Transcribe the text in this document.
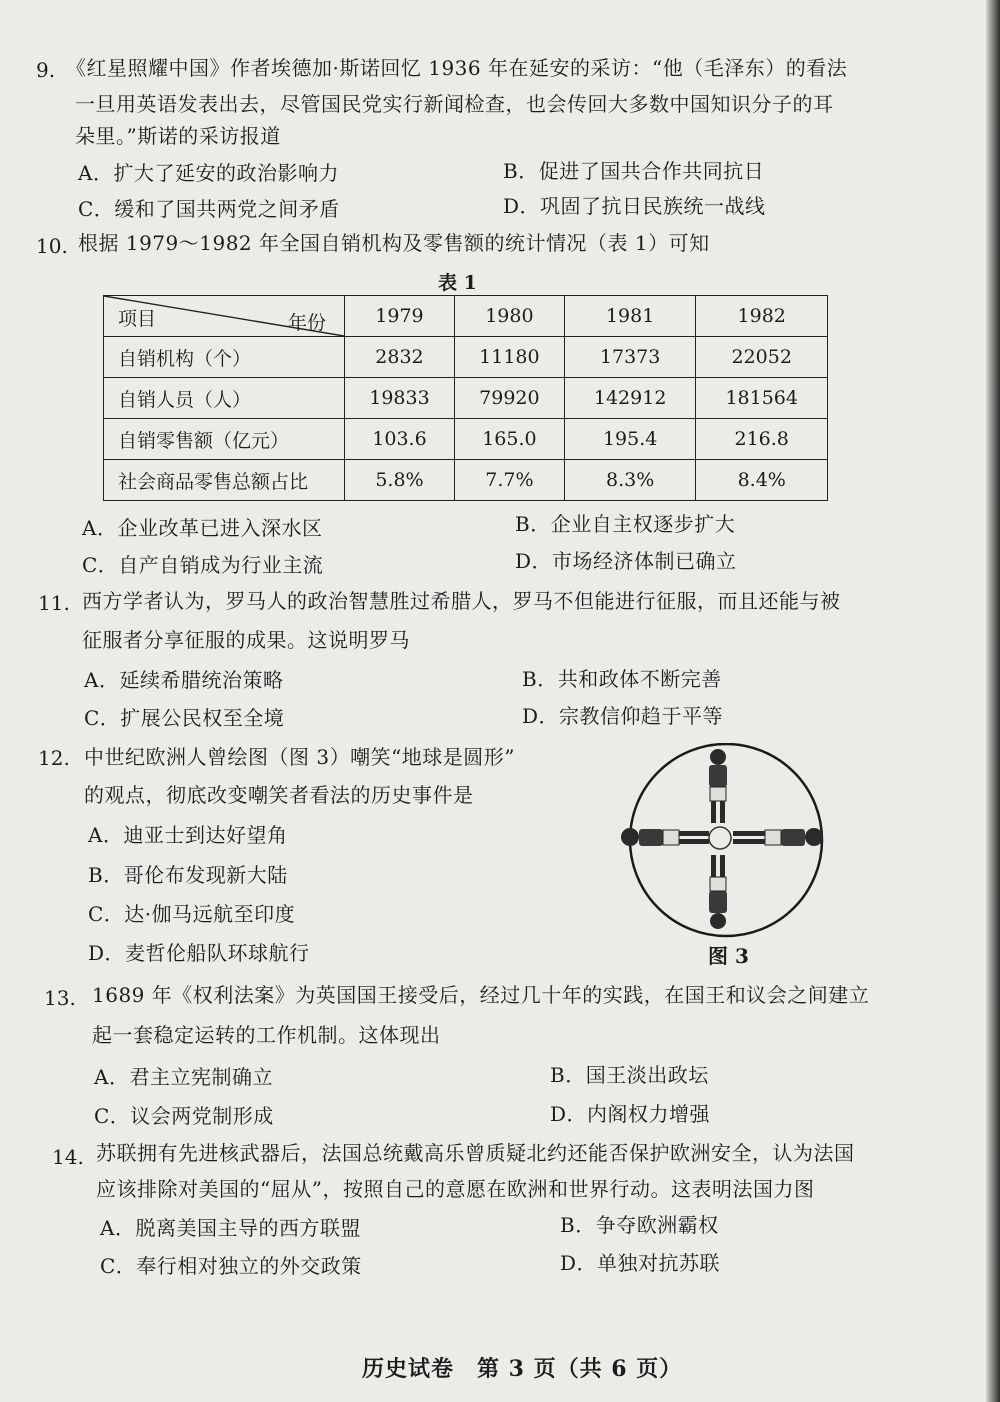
9. 《红星照耀中国》作者埃德加·斯诺回忆 1936 年在延安的采访：“他（毛泽东）的看法
一旦用英语发表出去，尽管国民党实行新闻检查，也会传回大多数中国知识分子的耳
朵里。”斯诺的采访报道
A．扩大了延安的政治影响力	B．促进了国共合作共同抗日
C．缓和了国共两党之间矛盾	D．巩固了抗日民族统一战线
10. 根据 1979～1982 年全国自销机构及零售额的统计情况（表 1）可知
表 1
项目 年份	1979	1980	1981	1982
自销机构（个）	2832	11180	17373	22052
自销人员（人）	19833	79920	142912	181564
自销零售额（亿元）	103.6	165.0	195.4	216.8
社会商品零售总额占比	5.8%	7.7%	8.3%	8.4%
A．企业改革已进入深水区	B．企业自主权逐步扩大
C．自产自销成为行业主流	D．市场经济体制已确立
11. 西方学者认为，罗马人的政治智慧胜过希腊人，罗马不但能进行征服，而且还能与被
征服者分享征服的成果。这说明罗马
A．延续希腊统治策略	B．共和政体不断完善
C．扩展公民权至全境	D．宗教信仰趋于平等
12. 中世纪欧洲人曾绘图（图 3）嘲笑“地球是圆形”
的观点，彻底改变嘲笑者看法的历史事件是
A．迪亚士到达好望角
B．哥伦布发现新大陆
C．达·伽马远航至印度
D．麦哲伦船队环球航行	图 3
13. 1689 年《权利法案》为英国国王接受后，经过几十年的实践，在国王和议会之间建立
起一套稳定运转的工作机制。这体现出
A．君主立宪制确立	B．国王淡出政坛
C．议会两党制形成	D．内阁权力增强
14. 苏联拥有先进核武器后，法国总统戴高乐曾质疑北约还能否保护欧洲安全，认为法国
应该排除对美国的“屈从”，按照自己的意愿在欧洲和世界行动。这表明法国力图
A．脱离美国主导的西方联盟	B．争夺欧洲霸权
C．奉行相对独立的外交政策	D．单独对抗苏联
历史试卷　第 3 页（共 6 页）
